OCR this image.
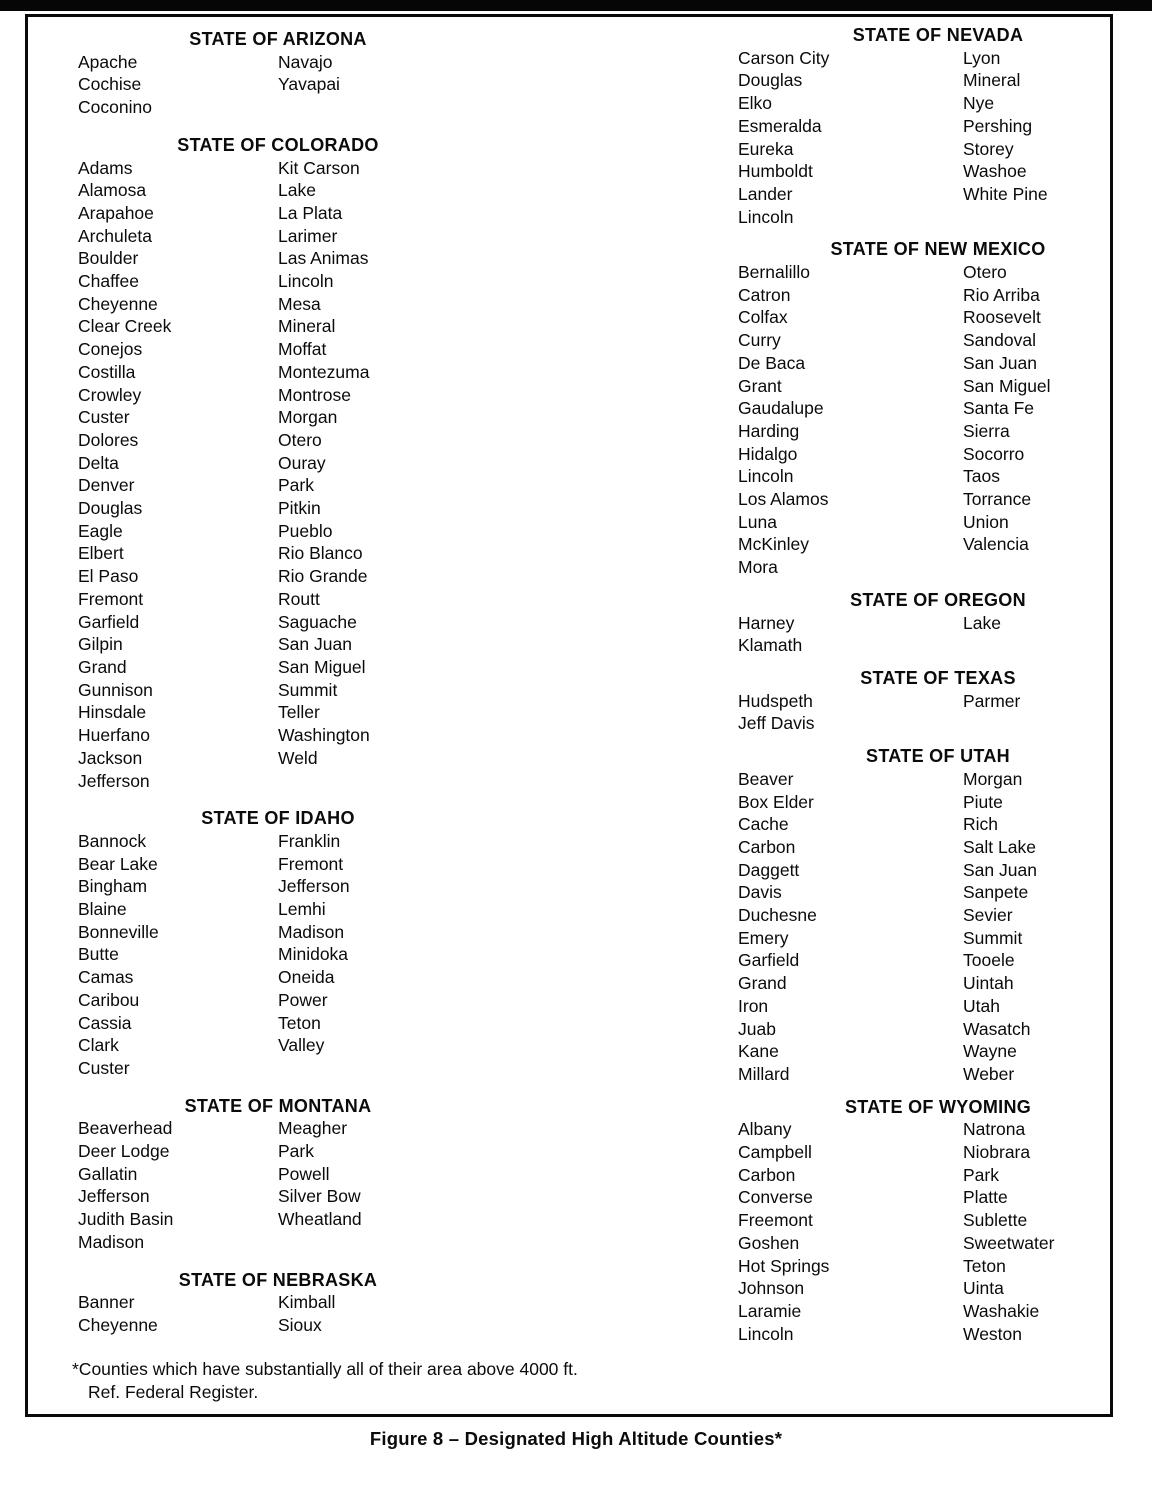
STATE OF ARIZONA
Apache
Cochise
Coconino
Navajo
Yavapai
STATE OF COLORADO
Adams
Alamosa
Arapahoe
Archuleta
Boulder
Chaffee
Cheyenne
Clear Creek
Conejos
Costilla
Crowley
Custer
Dolores
Delta
Denver
Douglas
Eagle
Elbert
El Paso
Fremont
Garfield
Gilpin
Grand
Gunnison
Hinsdale
Huerfano
Jackson
Jefferson
Kit Carson
Lake
La Plata
Larimer
Las Animas
Lincoln
Mesa
Mineral
Moffat
Montezuma
Montrose
Morgan
Otero
Ouray
Park
Pitkin
Pueblo
Rio Blanco
Rio Grande
Routt
Saguache
San Juan
San Miguel
Summit
Teller
Washington
Weld
STATE OF IDAHO
Bannock
Bear Lake
Bingham
Blaine
Bonneville
Butte
Camas
Caribou
Cassia
Clark
Custer
Franklin
Fremont
Jefferson
Lemhi
Madison
Minidoka
Oneida
Power
Teton
Valley
STATE OF MONTANA
Beaverhead
Deer Lodge
Gallatin
Jefferson
Judith Basin
Madison
Meagher
Park
Powell
Silver Bow
Wheatland
STATE OF NEBRASKA
Banner
Cheyenne
Kimball
Sioux
STATE OF NEVADA
Carson City
Douglas
Elko
Esmeralda
Eureka
Humboldt
Lander
Lincoln
Lyon
Mineral
Nye
Pershing
Storey
Washoe
White Pine
STATE OF NEW MEXICO
Bernalillo
Catron
Colfax
Curry
De Baca
Grant
Gaudalupe
Harding
Hidalgo
Lincoln
Los Alamos
Luna
McKinley
Mora
Otero
Rio Arriba
Roosevelt
Sandoval
San Juan
San Miguel
Santa Fe
Sierra
Socorro
Taos
Torrance
Union
Valencia
STATE OF OREGON
Harney
Klamath
Lake
STATE OF TEXAS
Hudspeth
Jeff Davis
Parmer
STATE OF UTAH
Beaver
Box Elder
Cache
Carbon
Daggett
Davis
Duchesne
Emery
Garfield
Grand
Iron
Juab
Kane
Millard
Morgan
Piute
Rich
Salt Lake
San Juan
Sanpete
Sevier
Summit
Tooele
Uintah
Utah
Wasatch
Wayne
Weber
STATE OF WYOMING
Albany
Campbell
Carbon
Converse
Freemont
Goshen
Hot Springs
Johnson
Laramie
Lincoln
Natrona
Niobrara
Park
Platte
Sublette
Sweetwater
Teton
Uinta
Washakie
Weston
*Counties which have substantially all of their area above 4000 ft.
Ref. Federal Register.
Figure 8 – Designated High Altitude Counties*
